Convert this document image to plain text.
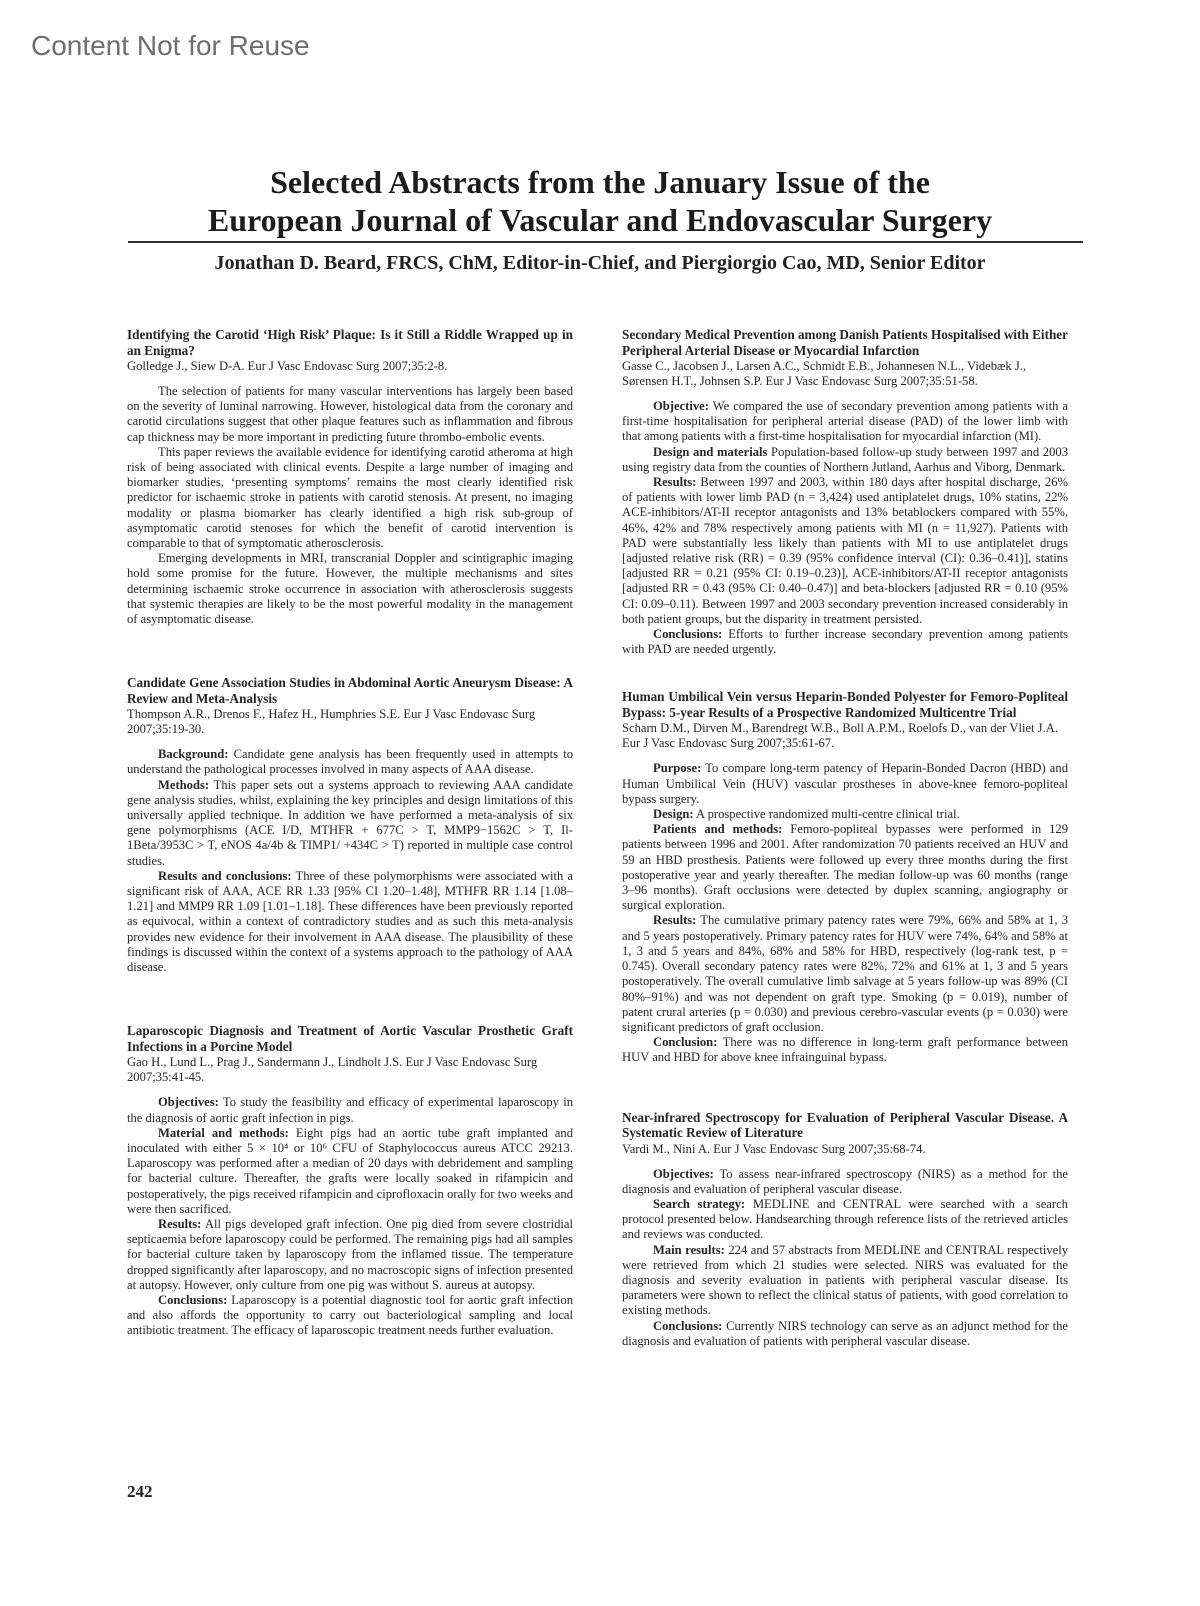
Content Not for Reuse
Selected Abstracts from the January Issue of the
European Journal of Vascular and Endovascular Surgery
Jonathan D. Beard, FRCS, ChM, Editor-in-Chief, and Piergiorgio Cao, MD, Senior Editor
Identifying the Carotid ‘High Risk’ Plaque: Is it Still a Riddle Wrapped up in an Enigma?
Golledge J., Siew D-A. Eur J Vasc Endovasc Surg 2007;35:2-8.

The selection of patients for many vascular interventions has largely been based on the severity of luminal narrowing. However, histological data from the coronary and carotid circulations suggest that other plaque features such as inflammation and fibrous cap thickness may be more important in predicting future thrombo-embolic events.

This paper reviews the available evidence for identifying carotid atheroma at high risk of being associated with clinical events. Despite a large number of imaging and biomarker studies, ‘presenting symptoms’ remains the most clearly identified risk predictor for ischaemic stroke in patients with carotid stenosis. At present, no imaging modality or plasma biomarker has clearly identified a high risk sub-group of asymptomatic carotid stenoses for which the benefit of carotid intervention is comparable to that of symptomatic atherosclerosis.

Emerging developments in MRI, transcranial Doppler and scintigraphic imaging hold some promise for the future. However, the multiple mechanisms and sites determining ischaemic stroke occurrence in association with atherosclerosis suggests that systemic therapies are likely to be the most powerful modality in the management of asymptomatic disease.

Candidate Gene Association Studies in Abdominal Aortic Aneurysm Disease: A Review and Meta-Analysis
Thompson A.R., Drenos F., Hafez H., Humphries S.E. Eur J Vasc Endovasc Surg 2007;35:19-30.

Background: Candidate gene analysis has been frequently used in attempts to understand the pathological processes involved in many aspects of AAA disease.

Methods: This paper sets out a systems approach to reviewing AAA candidate gene analysis studies, whilst, explaining the key principles and design limitations of this universally applied technique. In addition we have performed a meta-analysis of six gene polymorphisms (ACE I/D, MTHFR + 677C > T, MMP9−1562C > T, Il-1Beta/3953C > T, eNOS 4a/4b & TIMP1/ +434C > T) reported in multiple case control studies.

Results and conclusions: Three of these polymorphisms were associated with a significant risk of AAA, ACE RR 1.33 [95% CI 1.20–1.48], MTHFR RR 1.14 [1.08–1.21] and MMP9 RR 1.09 [1.01–1.18]. These differences have been previously reported as equivocal, within a context of contradictory studies and as such this meta-analysis provides new evidence for their involvement in AAA disease. The plausibility of these findings is discussed within the context of a systems approach to the pathology of AAA disease.

Laparoscopic Diagnosis and Treatment of Aortic Vascular Prosthetic Graft Infections in a Porcine Model
Gao H., Lund L., Prag J., Sandermann J., Lindholt J.S. Eur J Vasc Endovasc Surg 2007;35:41-45.

Objectives: To study the feasibility and efficacy of experimental laparoscopy in the diagnosis of aortic graft infection in pigs.

Material and methods: Eight pigs had an aortic tube graft implanted and inoculated with either 5 × 10⁴ or 10⁶ CFU of Staphylococcus aureus ATCC 29213. Laparoscopy was performed after a median of 20 days with debridement and sampling for bacterial culture. Thereafter, the grafts were locally soaked in rifampicin and postoperatively, the pigs received rifampicin and ciprofloxacin orally for two weeks and were then sacrificed.

Results: All pigs developed graft infection. One pig died from severe clostridial septicaemia before laparoscopy could be performed. The remaining pigs had all samples for bacterial culture taken by laparoscopy from the inflamed tissue. The temperature dropped significantly after laparoscopy, and no macroscopic signs of infection presented at autopsy. However, only culture from one pig was without S. aureus at autopsy.

Conclusions: Laparoscopy is a potential diagnostic tool for aortic graft infection and also affords the opportunity to carry out bacteriological sampling and local antibiotic treatment. The efficacy of laparoscopic treatment needs further evaluation.

Secondary Medical Prevention among Danish Patients Hospitalised with Either Peripheral Arterial Disease or Myocardial Infarction
Gasse C., Jacobsen J., Larsen A.C., Schmidt E.B., Johannesen N.L., Videbæk J., Sørensen H.T., Johnsen S.P. Eur J Vasc Endovasc Surg 2007;35:51-58.

Objective: We compared the use of secondary prevention among patients with a first-time hospitalisation for peripheral arterial disease (PAD) of the lower limb with that among patients with a first-time hospitalisation for myocardial infarction (MI).

Design and materials Population-based follow-up study between 1997 and 2003 using registry data from the counties of Northern Jutland, Aarhus and Viborg, Denmark.

Results: Between 1997 and 2003, within 180 days after hospital discharge, 26% of patients with lower limb PAD (n = 3,424) used antiplatelet drugs, 10% statins, 22% ACE-inhibitors/AT-II receptor antagonists and 13% betablockers compared with 55%, 46%, 42% and 78% respectively among patients with MI (n = 11,927). Patients with PAD were substantially less likely than patients with MI to use antiplatelet drugs [adjusted relative risk (RR) = 0.39 (95% confidence interval (CI): 0.36–0.41)], statins [adjusted RR = 0.21 (95% CI: 0.19–0.23)], ACE-inhibitors/AT-II receptor antagonists [adjusted RR = 0.43 (95% CI: 0.40–0.47)] and beta-blockers [adjusted RR = 0.10 (95% CI: 0.09–0.11). Between 1997 and 2003 secondary prevention increased considerably in both patient groups, but the disparity in treatment persisted.

Conclusions: Efforts to further increase secondary prevention among patients with PAD are needed urgently.

Human Umbilical Vein versus Heparin-Bonded Polyester for Femoro-Popliteal Bypass: 5-year Results of a Prospective Randomized Multicentre Trial
Scharn D.M., Dirven M., Barendregt W.B., Boll A.P.M., Roelofs D., van der Vliet J.A. Eur J Vasc Endovasc Surg 2007;35:61-67.

Purpose: To compare long-term patency of Heparin-Bonded Dacron (HBD) and Human Umbilical Vein (HUV) vascular prostheses in above-knee femoro-popliteal bypass surgery.

Design: A prospective randomized multi-centre clinical trial.

Patients and methods: Femoro-popliteal bypasses were performed in 129 patients between 1996 and 2001. After randomization 70 patients received an HUV and 59 an HBD prosthesis. Patients were followed up every three months during the first postoperative year and yearly thereafter. The median follow-up was 60 months (range 3–96 months). Graft occlusions were detected by duplex scanning, angiography or surgical exploration.

Results: The cumulative primary patency rates were 79%, 66% and 58% at 1, 3 and 5 years postoperatively. Primary patency rates for HUV were 74%, 64% and 58% at 1, 3 and 5 years and 84%, 68% and 58% for HBD, respectively (log-rank test, p = 0.745). Overall secondary patency rates were 82%, 72% and 61% at 1, 3 and 5 years postoperatively. The overall cumulative limb salvage at 5 years follow-up was 89% (CI 80%–91%) and was not dependent on graft type. Smoking (p = 0.019), number of patent crural arteries (p = 0.030) and previous cerebro-vascular events (p = 0.030) were significant predictors of graft occlusion.

Conclusion: There was no difference in long-term graft performance between HUV and HBD for above knee infrainguinal bypass.

Near-infrared Spectroscopy for Evaluation of Peripheral Vascular Disease. A Systematic Review of Literature
Vardi M., Nini A. Eur J Vasc Endovasc Surg 2007;35:68-74.

Objectives: To assess near-infrared spectroscopy (NIRS) as a method for the diagnosis and evaluation of peripheral vascular disease.

Search strategy: MEDLINE and CENTRAL were searched with a search protocol presented below. Handsearching through reference lists of the retrieved articles and reviews was conducted.

Main results: 224 and 57 abstracts from MEDLINE and CENTRAL respectively were retrieved from which 21 studies were selected. NIRS was evaluated for the diagnosis and severity evaluation in patients with peripheral vascular disease. Its parameters were shown to reflect the clinical status of patients, with good correlation to existing methods.

Conclusions: Currently NIRS technology can serve as an adjunct method for the diagnosis and evaluation of patients with peripheral vascular disease.

242
